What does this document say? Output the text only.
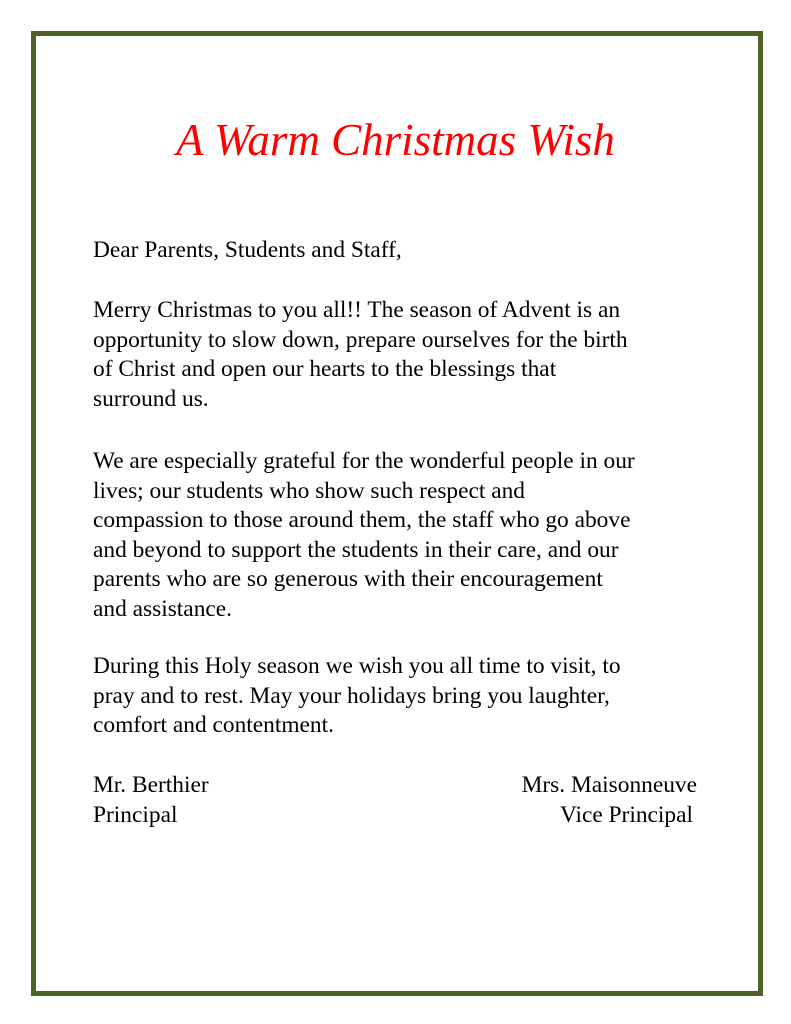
A Warm Christmas Wish

Dear Parents, Students and Staff,

Merry Christmas to you all!! The season of Advent is an
opportunity to slow down, prepare ourselves for the birth
of Christ and open our hearts to the blessings that
surround us.

We are especially grateful for the wonderful people in our
lives; our students who show such respect and
compassion to those around them, the staff who go above
and beyond to support the students in their care, and our
parents who are so generous with their encouragement
and assistance.

During this Holy season we wish you all time to visit, to
pray and to rest. May your holidays bring you laughter,
comfort and contentment.

Mr. Berthier
Principal
Mrs. Maisonneuve
Vice Principal
